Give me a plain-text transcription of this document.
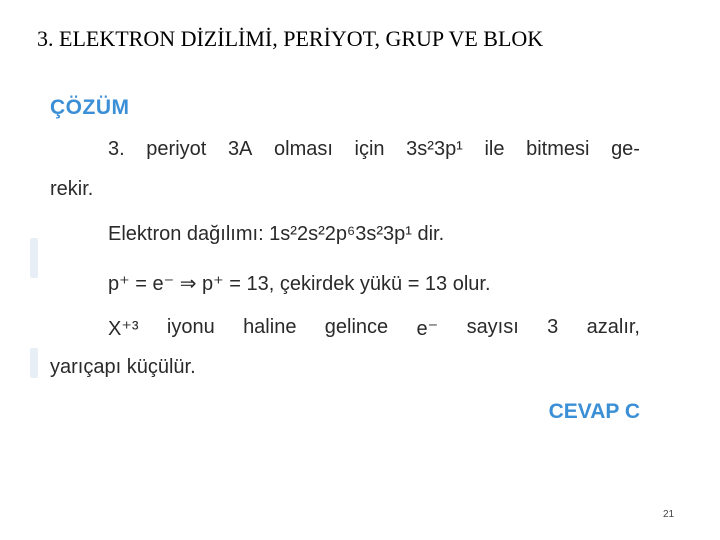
3. ELEKTRON DİZİLİMİ, PERİYOT, GRUP VE BLOK
ÇÖZÜM
3. periyot 3A olması için 3s²3p¹ ile bitmesi ge-
rekir.
Elektron dağılımı: 1s²2s²2p⁶3s²3p¹ dir.
p⁺ = e⁻ ⇒ p⁺ = 13, çekirdek yükü = 13 olur.
X⁺³ iyonu haline gelince e⁻ sayısı 3 azalır,
yarıçapı küçülür.
CEVAP C
21
